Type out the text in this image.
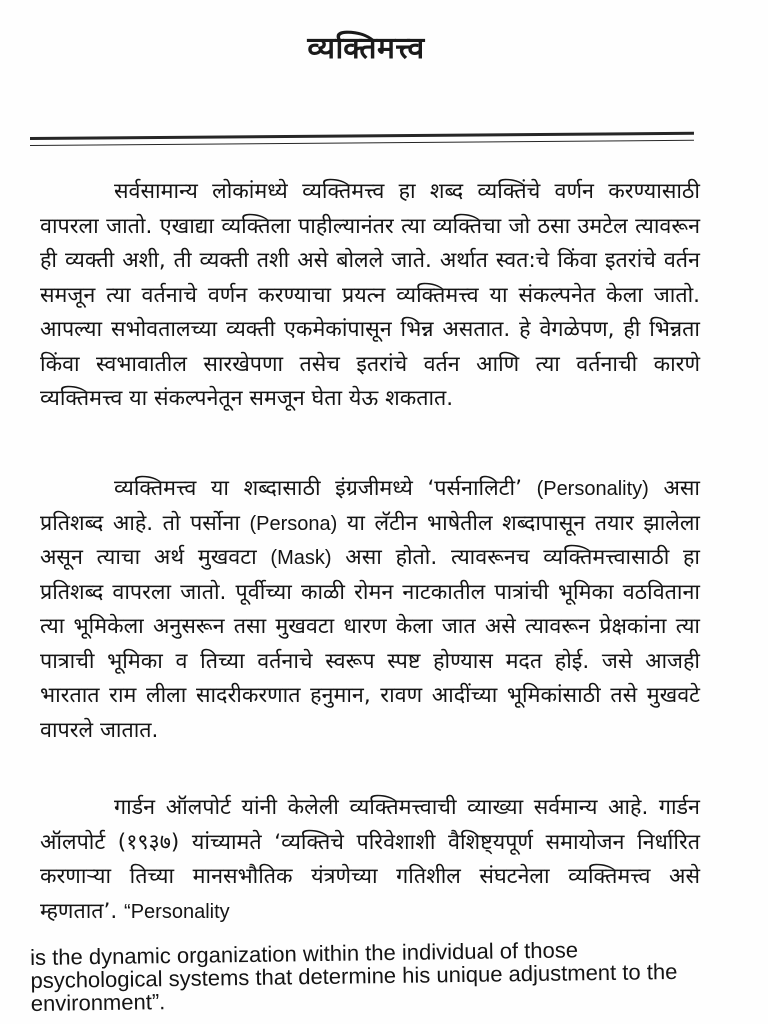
व्यक्तिमत्त्व

सर्वसामान्य लोकांमध्ये व्यक्तिमत्त्व हा शब्द व्यक्तिंचे वर्णन करण्यासाठी वापरला जातो. एखाद्या व्यक्तिला पाहील्यानंतर त्या व्यक्तिचा जो ठसा उमटेल त्यावरून ही व्यक्ती अशी, ती व्यक्ती तशी असे बोलले जाते. अर्थात स्वत:चे किंवा इतरांचे वर्तन समजून त्या वर्तनाचे वर्णन करण्याचा प्रयत्न व्यक्तिमत्त्व या संकल्पनेत केला जातो. आपल्या सभोवतालच्या व्यक्ती एकमेकांपासून भिन्न असतात. हे वेगळेपण, ही भिन्नता किंवा स्वभावातील सारखेपणा तसेच इतरांचे वर्तन आणि त्या वर्तनाची कारणे व्यक्तिमत्त्व या संकल्पनेतून समजून घेता येऊ शकतात.

व्यक्तिमत्त्व या शब्दासाठी इंग्रजीमध्ये ‘पर्सनालिटी’ (Personality) असा प्रतिशब्द आहे. तो पर्सोना (Persona) या लॅटीन भाषेतील शब्दापासून तयार झालेला असून त्याचा अर्थ मुखवटा (Mask) असा होतो. त्यावरूनच व्यक्तिमत्त्वासाठी हा प्रतिशब्द वापरला जातो. पूर्वीच्या काळी रोमन नाटकातील पात्रांची भूमिका वठविताना त्या भूमिकेला अनुसरून तसा मुखवटा धारण केला जात असे त्यावरून प्रेक्षकांना त्या पात्राची भूमिका व तिच्या वर्तनाचे स्वरूप स्पष्ट होण्यास मदत होई. जसे आजही भारतात राम लीला सादरीकरणात हनुमान, रावण आदींच्या भूमिकांसाठी तसे मुखवटे वापरले जातात.

गार्डन ऑलपोर्ट यांनी केलेली व्यक्तिमत्त्वाची व्याख्या सर्वमान्य आहे. गार्डन ऑलपोर्ट (१९३७) यांच्यामते ‘व्यक्तिचे परिवेशाशी वैशिष्ट्यपूर्ण समायोजन निर्धारित करणाऱ्या तिच्या मानसभौतिक यंत्रणेच्या गतिशील संघटनेला व्यक्तिमत्त्व असे म्हणतात’. “Personality

is the dynamic organization within the individual of those psychological systems that determine his unique adjustment to the environment”.
